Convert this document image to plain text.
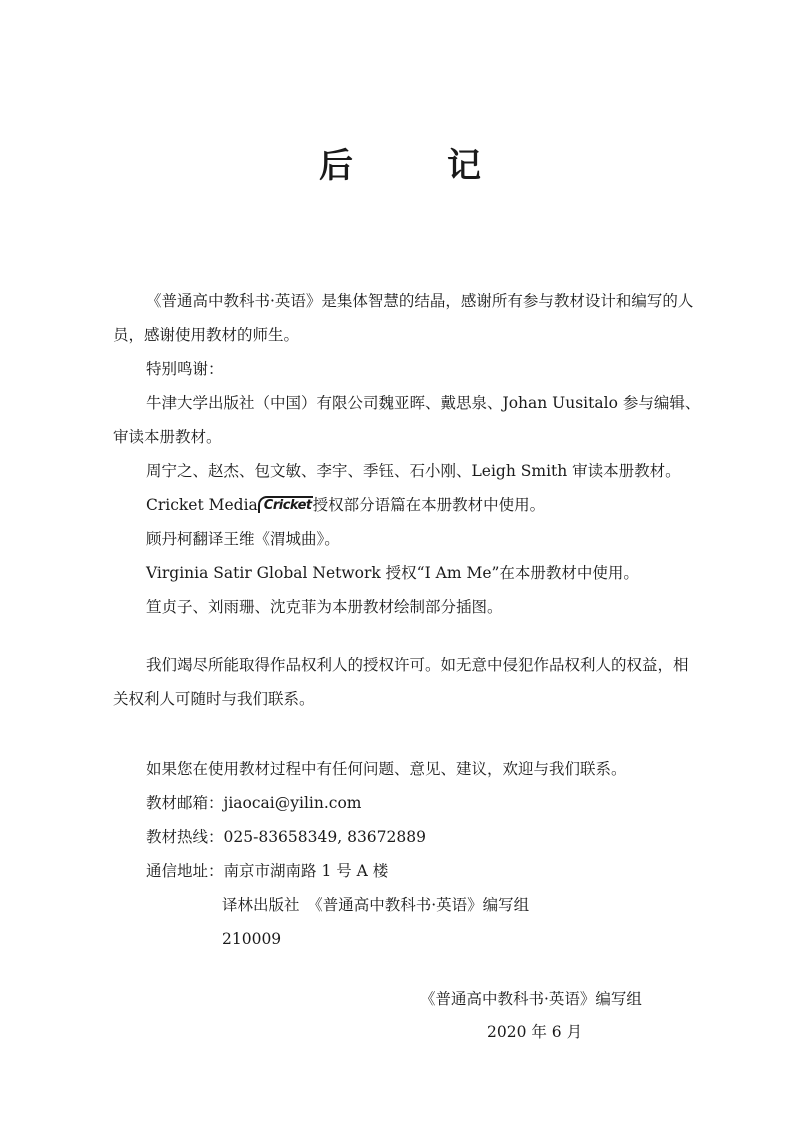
后　记
《普通高中教科书·英语》是集体智慧的结晶，感谢所有参与教材设计和编写的人员，感谢使用教材的师生。
特别鸣谢：
牛津大学出版社（中国）有限公司魏亚晖、戴思泉、Johan Uusitalo 参与编辑、审读本册教材。
周宁之、赵杰、包文敏、李宇、季钰、石小刚、Leigh Smith 审读本册教材。
Cricket Media Cricket授权部分语篇在本册教材中使用。
顾丹柯翻译王维《渭城曲》。
Virginia Satir Global Network 授权“I Am Me”在本册教材中使用。
笪贞子、刘雨珊、沈克菲为本册教材绘制部分插图。
我们竭尽所能取得作品权利人的授权许可。如无意中侵犯作品权利人的权益，相关权利人可随时与我们联系。
如果您在使用教材过程中有任何问题、意见、建议，欢迎与我们联系。
教材邮箱：jiaocai@yilin.com
教材热线：025-83658349, 83672889
通信地址：南京市湖南路 1 号 A 楼
译林出版社　《普通高中教科书·英语》编写组
210009
《普通高中教科书·英语》编写组
2020 年 6 月
